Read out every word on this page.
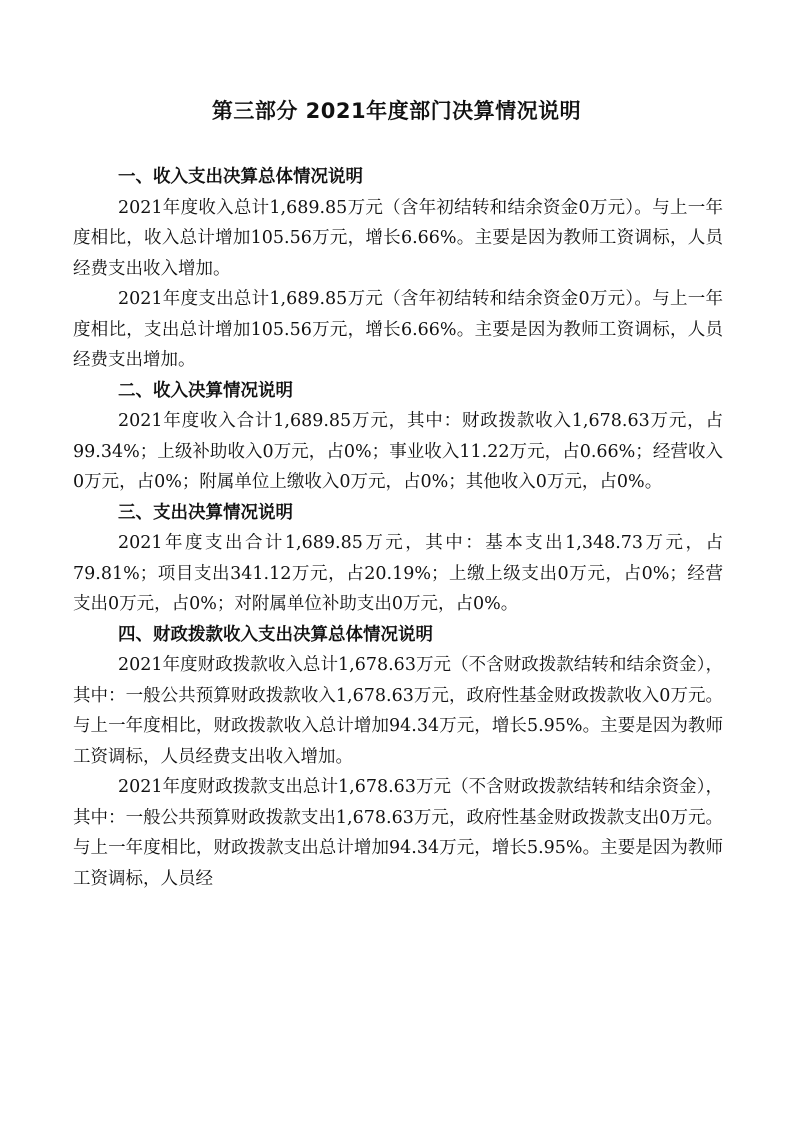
第三部分 2021年度部门决算情况说明

一、收入支出决算总体情况说明

2021年度收入总计1,689.85万元（含年初结转和结余资金0万元）。与上一年度相比，收入总计增加105.56万元，增长6.66%。主要是因为教师工资调标，人员经费支出收入增加。

2021年度支出总计1,689.85万元（含年初结转和结余资金0万元）。与上一年度相比，支出总计增加105.56万元，增长6.66%。主要是因为教师工资调标，人员经费支出增加。

二、收入决算情况说明

2021年度收入合计1,689.85万元，其中：财政拨款收入1,678.63万元，占99.34%；上级补助收入0万元，占0%；事业收入11.22万元，占0.66%；经营收入0万元，占0%；附属单位上缴收入0万元，占0%；其他收入0万元，占0%。

三、支出决算情况说明

2021年度支出合计1,689.85万元，其中：基本支出1,348.73万元，占79.81%；项目支出341.12万元，占20.19%；上缴上级支出0万元，占0%；经营支出0万元，占0%；对附属单位补助支出0万元，占0%。

四、财政拨款收入支出决算总体情况说明

2021年度财政拨款收入总计1,678.63万元（不含财政拨款结转和结余资金），其中：一般公共预算财政拨款收入1,678.63万元，政府性基金财政拨款收入0万元。与上一年度相比，财政拨款收入总计增加94.34万元，增长5.95%。主要是因为教师工资调标，人员经费支出收入增加。

2021年度财政拨款支出总计1,678.63万元（不含财政拨款结转和结余资金），其中：一般公共预算财政拨款支出1,678.63万元，政府性基金财政拨款支出0万元。与上一年度相比，财政拨款支出总计增加94.34万元，增长5.95%。主要是因为教师工资调标，人员经
